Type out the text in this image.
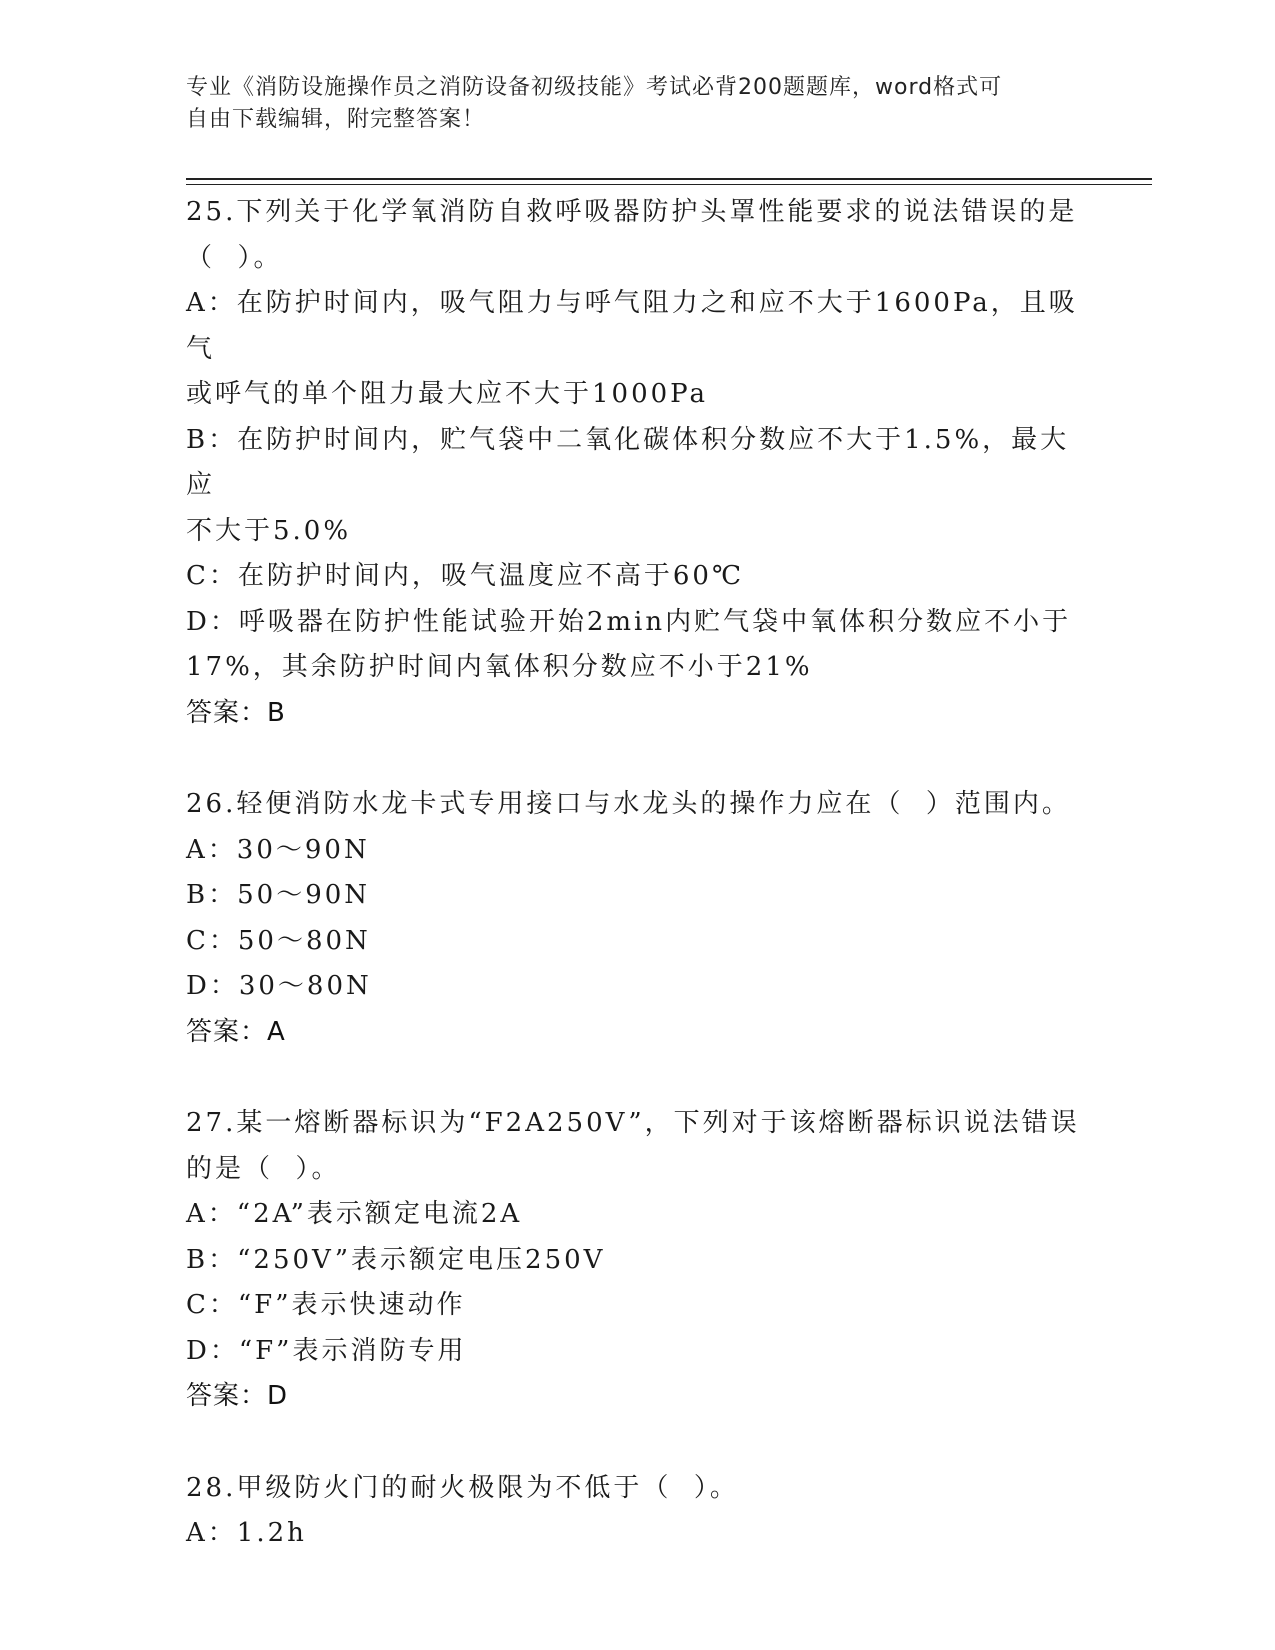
专业《消防设施操作员之消防设备初级技能》考试必背200题题库，word格式可
自由下载编辑，附完整答案！
25.下列关于化学氧消防自救呼吸器防护头罩性能要求的说法错误的是
（  ）。
A：在防护时间内，吸气阻力与呼气阻力之和应不大于1600Pa，且吸气
或呼气的单个阻力最大应不大于1000Pa
B：在防护时间内，贮气袋中二氧化碳体积分数应不大于1.5%，最大应
不大于5.0%
C：在防护时间内，吸气温度应不高于60℃
D：呼吸器在防护性能试验开始2min内贮气袋中氧体积分数应不小于
17%，其余防护时间内氧体积分数应不小于21%
答案：B
26.轻便消防水龙卡式专用接口与水龙头的操作力应在（  ）范围内。
A：30～90N
B：50～90N
C：50～80N
D：30～80N
答案：A
27.某一熔断器标识为“F2A250V”，下列对于该熔断器标识说法错误
的是（  ）。
A：“2A”表示额定电流2A
B：“250V”表示额定电压250V
C：“F”表示快速动作
D：“F”表示消防专用
答案：D
28.甲级防火门的耐火极限为不低于（  ）。
A：1.2h
